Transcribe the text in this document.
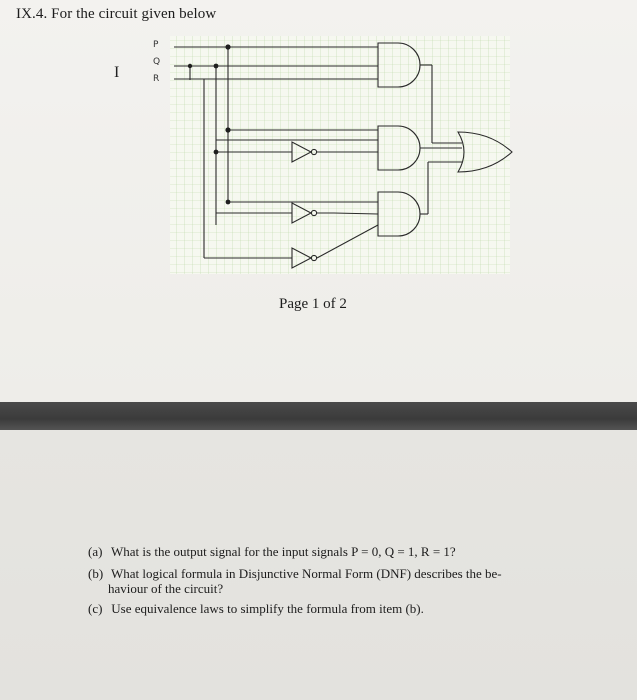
IX.4. For the circuit given below
I
P
Q
R
Page 1 of 2
(a) What is the output signal for the input signals P = 0, Q = 1, R = 1?
(b) What logical formula in Disjunctive Normal Form (DNF) describes the be-
haviour of the circuit?
(c) Use equivalence laws to simplify the formula from item (b).
